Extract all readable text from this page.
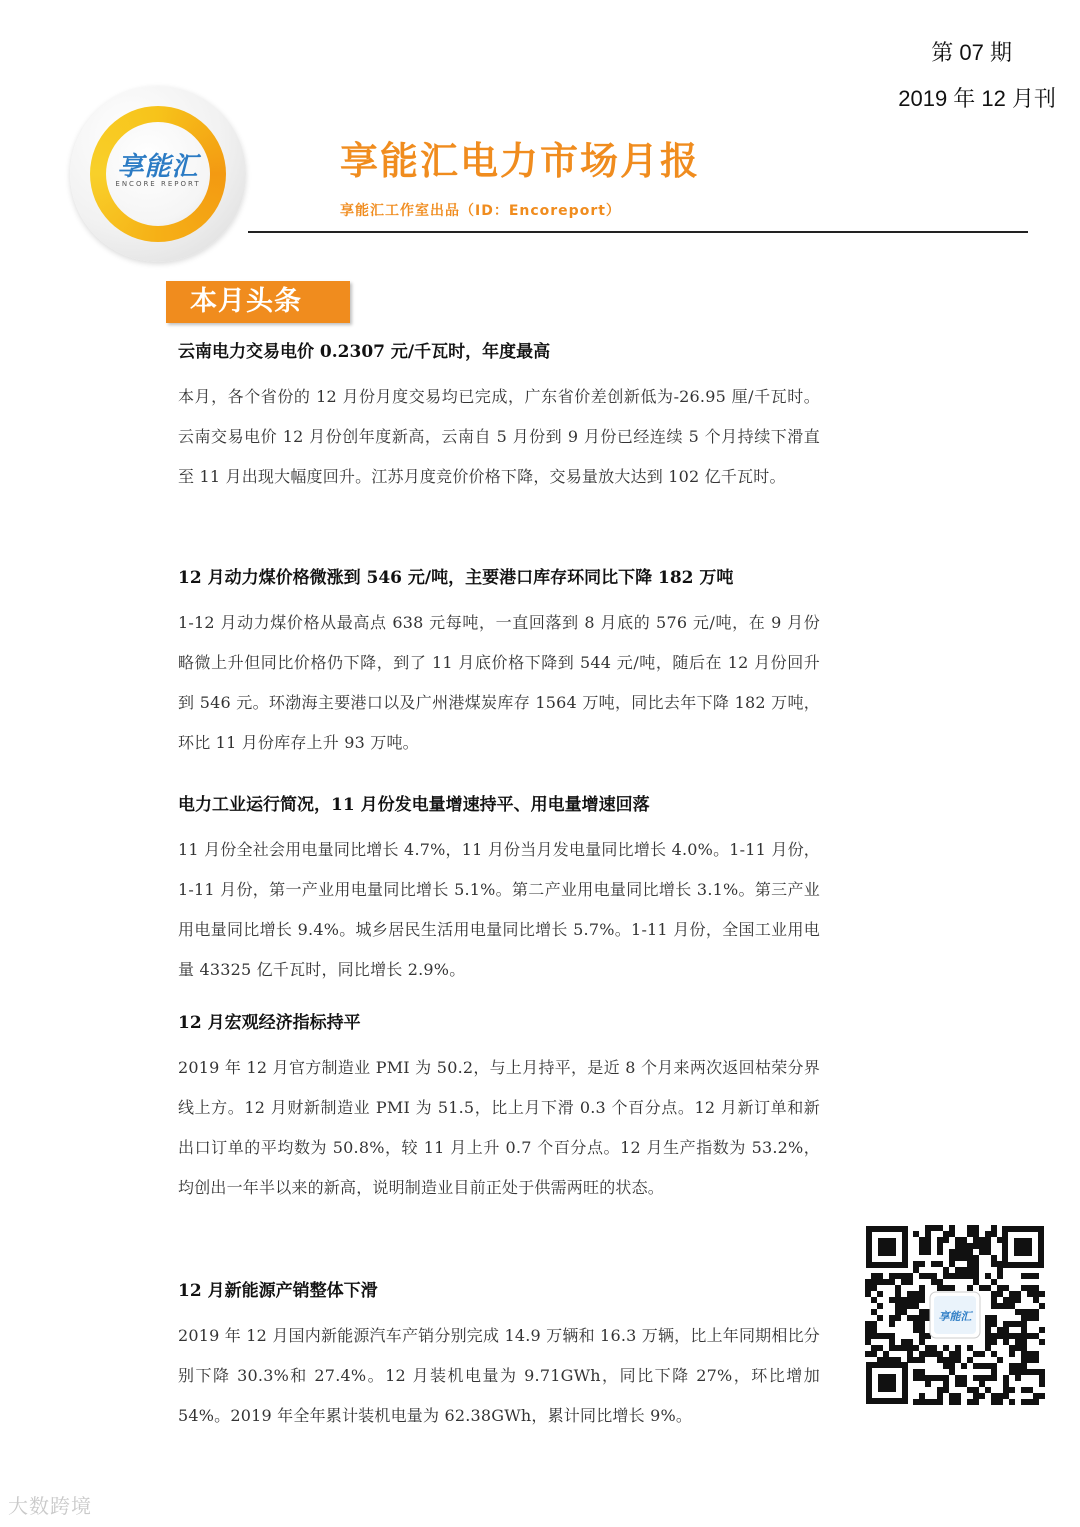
第 07 期
2019 年 12 月刊
享能汇
ENCORE REPORT
享能汇电力市场月报
享能汇工作室出品（ID：Encoreport）
本月头条
云南电力交易电价 0.2307 元/千瓦时，年度最高

本月，各个省份的 12 月份月度交易均已完成，广东省价差创新低为-26.95 厘/千瓦时。云南交易电价 12 月份创年度新高，云南自 5 月份到 9 月份已经连续 5 个月持续下滑直至 11 月出现大幅度回升。江苏月度竞价价格下降，交易量放大达到 102 亿千瓦时。

12 月动力煤价格微涨到 546 元/吨，主要港口库存环同比下降 182 万吨

1-12 月动力煤价格从最高点 638 元每吨，一直回落到 8 月底的 576 元/吨，在 9 月份略微上升但同比价格仍下降，到了 11 月底价格下降到 544 元/吨，随后在 12 月份回升到 546 元。环渤海主要港口以及广州港煤炭库存 1564 万吨，同比去年下降 182 万吨，环比 11 月份库存上升 93 万吨。

电力工业运行简况，11 月份发电量增速持平、用电量增速回落

11 月份全社会用电量同比增长 4.7%，11 月份当月发电量同比增长 4.0%。1-11 月份，1-11 月份，第一产业用电量同比增长 5.1%。第二产业用电量同比增长 3.1%。第三产业用电量同比增长 9.4%。城乡居民生活用电量同比增长 5.7%。1-11 月份，全国工业用电量 43325 亿千瓦时，同比增长 2.9%。

12 月宏观经济指标持平

2019 年 12 月官方制造业 PMI 为 50.2，与上月持平，是近 8 个月来两次返回枯荣分界线上方。12 月财新制造业 PMI 为 51.5，比上月下滑 0.3 个百分点。12 月新订单和新出口订单的平均数为 50.8%，较 11 月上升 0.7 个百分点。12 月生产指数为 53.2%，均创出一年半以来的新高，说明制造业目前正处于供需两旺的状态。

12 月新能源产销整体下滑

2019 年 12 月国内新能源汽车产销分别完成 14.9 万辆和 16.3 万辆，比上年同期相比分别下降 30.3%和 27.4%。12 月装机电量为 9.71GWh，同比下降 27%，环比增加 54%。2019 年全年累计装机电量为 62.38GWh，累计同比增长 9%。

享能汇
大数跨境
